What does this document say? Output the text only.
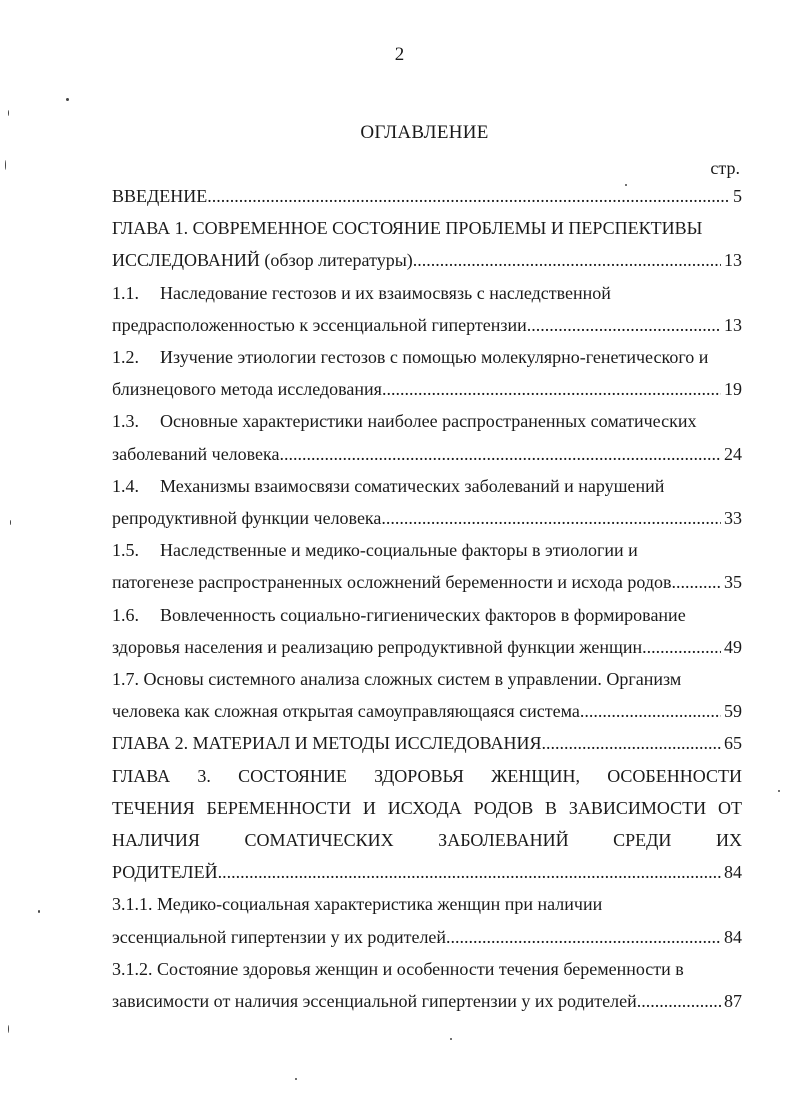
2
ОГЛАВЛЕНИЕ
стр.
ВВЕДЕНИЕ .....	5
ГЛАВА 1. СОВРЕМЕННОЕ СОСТОЯНИЕ ПРОБЛЕМЫ И ПЕРСПЕКТИВЫ
ИССЛЕДОВАНИЙ (обзор литературы) .....	13
1.1. Наследование гестозов и их взаимосвязь с наследственной
предрасположенностью к эссенциальной гипертензии .....	13
1.2. Изучение этиологии гестозов с помощью молекулярно-генетического и
близнецового метода исследования .....	19
1.3. Основные характеристики наиболее распространенных соматических
заболеваний человека .....	24
1.4. Механизмы взаимосвязи соматических заболеваний и нарушений
репродуктивной функции человека .....	33
1.5. Наследственные и медико-социальные факторы в этиологии и
патогенезе распространенных осложнений беременности и исхода родов .....	35
1.6. Вовлеченность социально-гигиенических факторов в формирование
здоровья населения и реализацию репродуктивной функции женщин .....	49
1.7. Основы системного анализа сложных систем в управлении. Организм
человека как сложная открытая самоуправляющаяся система .....	59
ГЛАВА 2. МАТЕРИАЛ И МЕТОДЫ ИССЛЕДОВАНИЯ .....	65
ГЛАВА 3. СОСТОЯНИЕ ЗДОРОВЬЯ ЖЕНЩИН, ОСОБЕННОСТИ
ТЕЧЕНИЯ БЕРЕМЕННОСТИ И ИСХОДА РОДОВ В ЗАВИСИМОСТИ ОТ
НАЛИЧИЯ СОМАТИЧЕСКИХ ЗАБОЛЕВАНИЙ СРЕДИ ИХ
РОДИТЕЛЕЙ .....	84
3.1.1. Медико-социальная характеристика женщин при наличии
эссенциальной гипертензии у их родителей .....	84
3.1.2. Состояние здоровья женщин и особенности течения беременности в
зависимости от наличия эссенциальной гипертензии у их родителей .....	87
